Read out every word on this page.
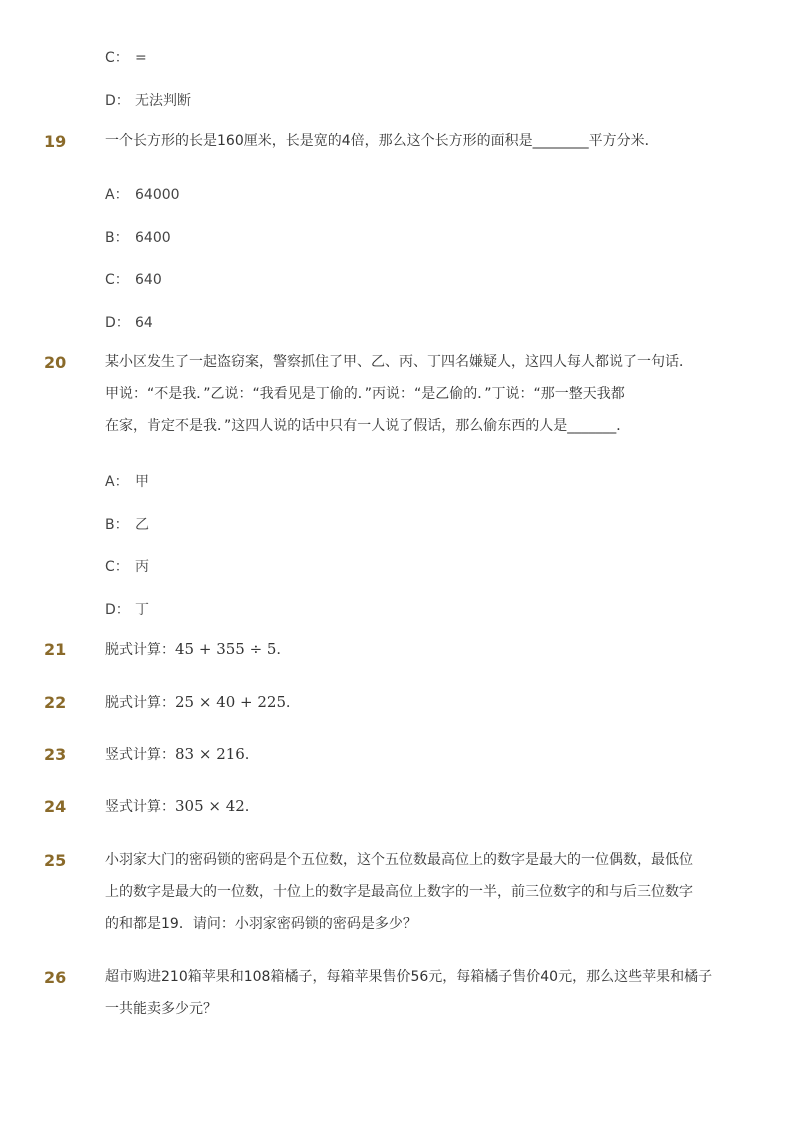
C： =
D： 无法判断
19	一个长方形的长是160厘米，长是宽的4倍，那么这个长方形的面积是________平方分米．
A： 64000
B： 6400
C： 640
D： 64
20	某小区发生了一起盗窃案，警察抓住了甲、乙、丙、丁四名嫌疑人，这四人每人都说了一句话．
甲说：“不是我．”乙说：“我看见是丁偷的．”丙说：“是乙偷的．”丁说：“那一整天我都
在家，肯定不是我．”这四人说的话中只有一人说了假话，那么偷东西的人是_______．
A： 甲
B： 乙
C： 丙
D： 丁
21	脱式计算：45 + 355 ÷ 5．
22	脱式计算：25 × 40 + 225．
23	竖式计算：83 × 216．
24	竖式计算：305 × 42．
25	小羽家大门的密码锁的密码是个五位数，这个五位数最高位上的数字是最大的一位偶数，最低位
上的数字是最大的一位数，十位上的数字是最高位上数字的一半，前三位数字的和与后三位数字
的和都是19．请问：小羽家密码锁的密码是多少？
26	超市购进210箱苹果和108箱橘子，每箱苹果售价56元，每箱橘子售价40元，那么这些苹果和橘子
一共能卖多少元？
